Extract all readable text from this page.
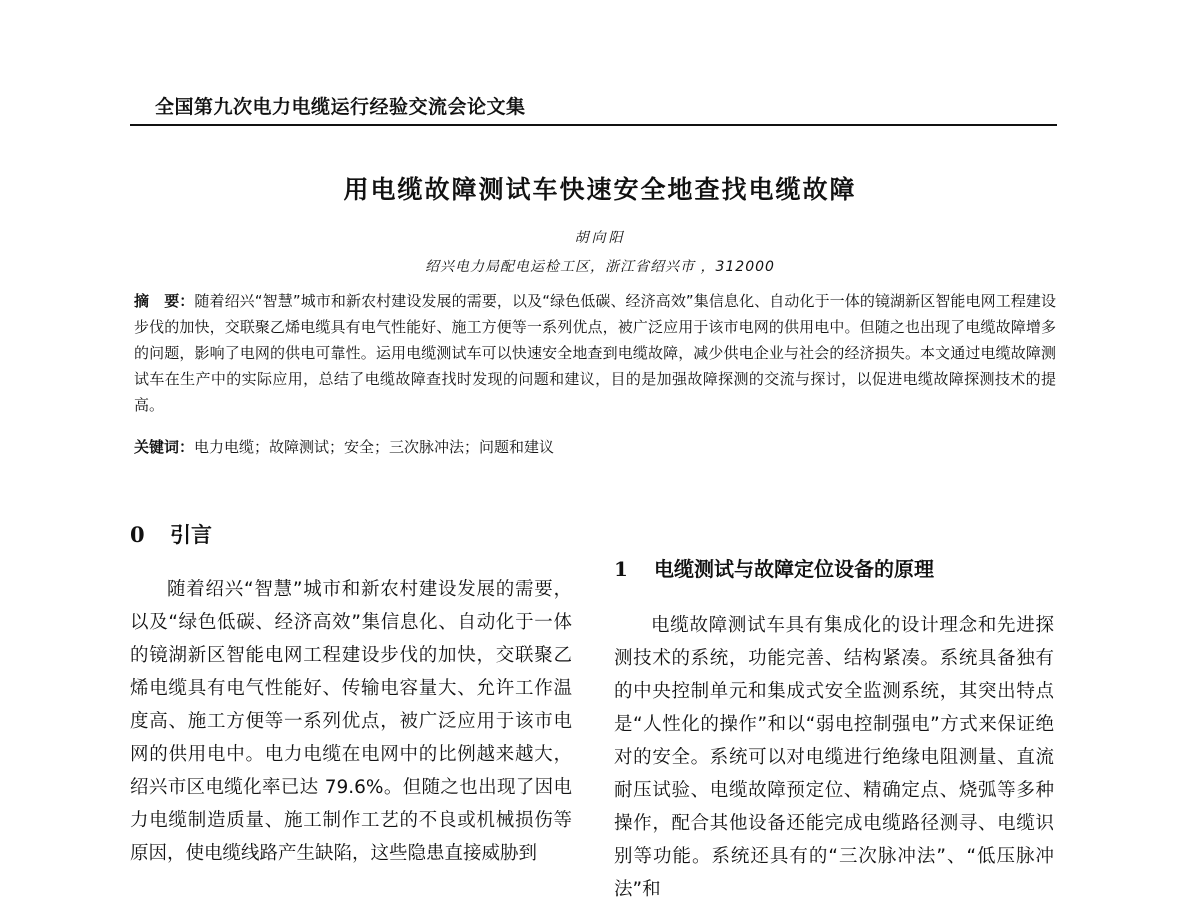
全国第九次电力电缆运行经验交流会论文集
用电缆故障测试车快速安全地查找电缆故障
胡向阳
绍兴电力局配电运检工区，浙江省绍兴市 ，312000

摘　要：随着绍兴“智慧”城市和新农村建设发展的需要，以及“绿色低碳、经济高效”集信息化、自动化于一体的镜湖新区智能电网工程建设步伐的加快，交联聚乙烯电缆具有电气性能好、施工方便等一系列优点，被广泛应用于该市电网的供用电中。但随之也出现了电缆故障增多的问题，影响了电网的供电可靠性。运用电缆测试车可以快速安全地查到电缆故障，减少供电企业与社会的经济损失。本文通过电缆故障测试车在生产中的实际应用，总结了电缆故障查找时发现的问题和建议，目的是加强故障探测的交流与探讨，以促进电缆故障探测技术的提高。

关键词：电力电缆；故障测试；安全；三次脉冲法；问题和建议

0 引言

随着绍兴“智慧”城市和新农村建设发展的需要，以及“绿色低碳、经济高效”集信息化、自动化于一体的镜湖新区智能电网工程建设步伐的加快，交联聚乙烯电缆具有电气性能好、传输电容量大、允许工作温度高、施工方便等一系列优点，被广泛应用于该市电网的供用电中。电力电缆在电网中的比例越来越大，绍兴市区电缆化率已达 79.6%。但随之也出现了因电力电缆制造质量、施工制作工艺的不良或机械损伤等原因，使电缆线路产生缺陷，这些隐患直接威胁到

1 电缆测试与故障定位设备的原理

电缆故障测试车具有集成化的设计理念和先进探测技术的系统，功能完善、结构紧凑。系统具备独有的中央控制单元和集成式安全监测系统，其突出特点是“人性化的操作”和以“弱电控制强电”方式来保证绝对的安全。系统可以对电缆进行绝缘电阻测量、直流耐压试验、电缆故障预定位、精确定点、烧弧等多种操作，配合其他设备还能完成电缆路径测寻、电缆识别等功能。系统还具有的“三次脉冲法”、“低压脉冲法”和
